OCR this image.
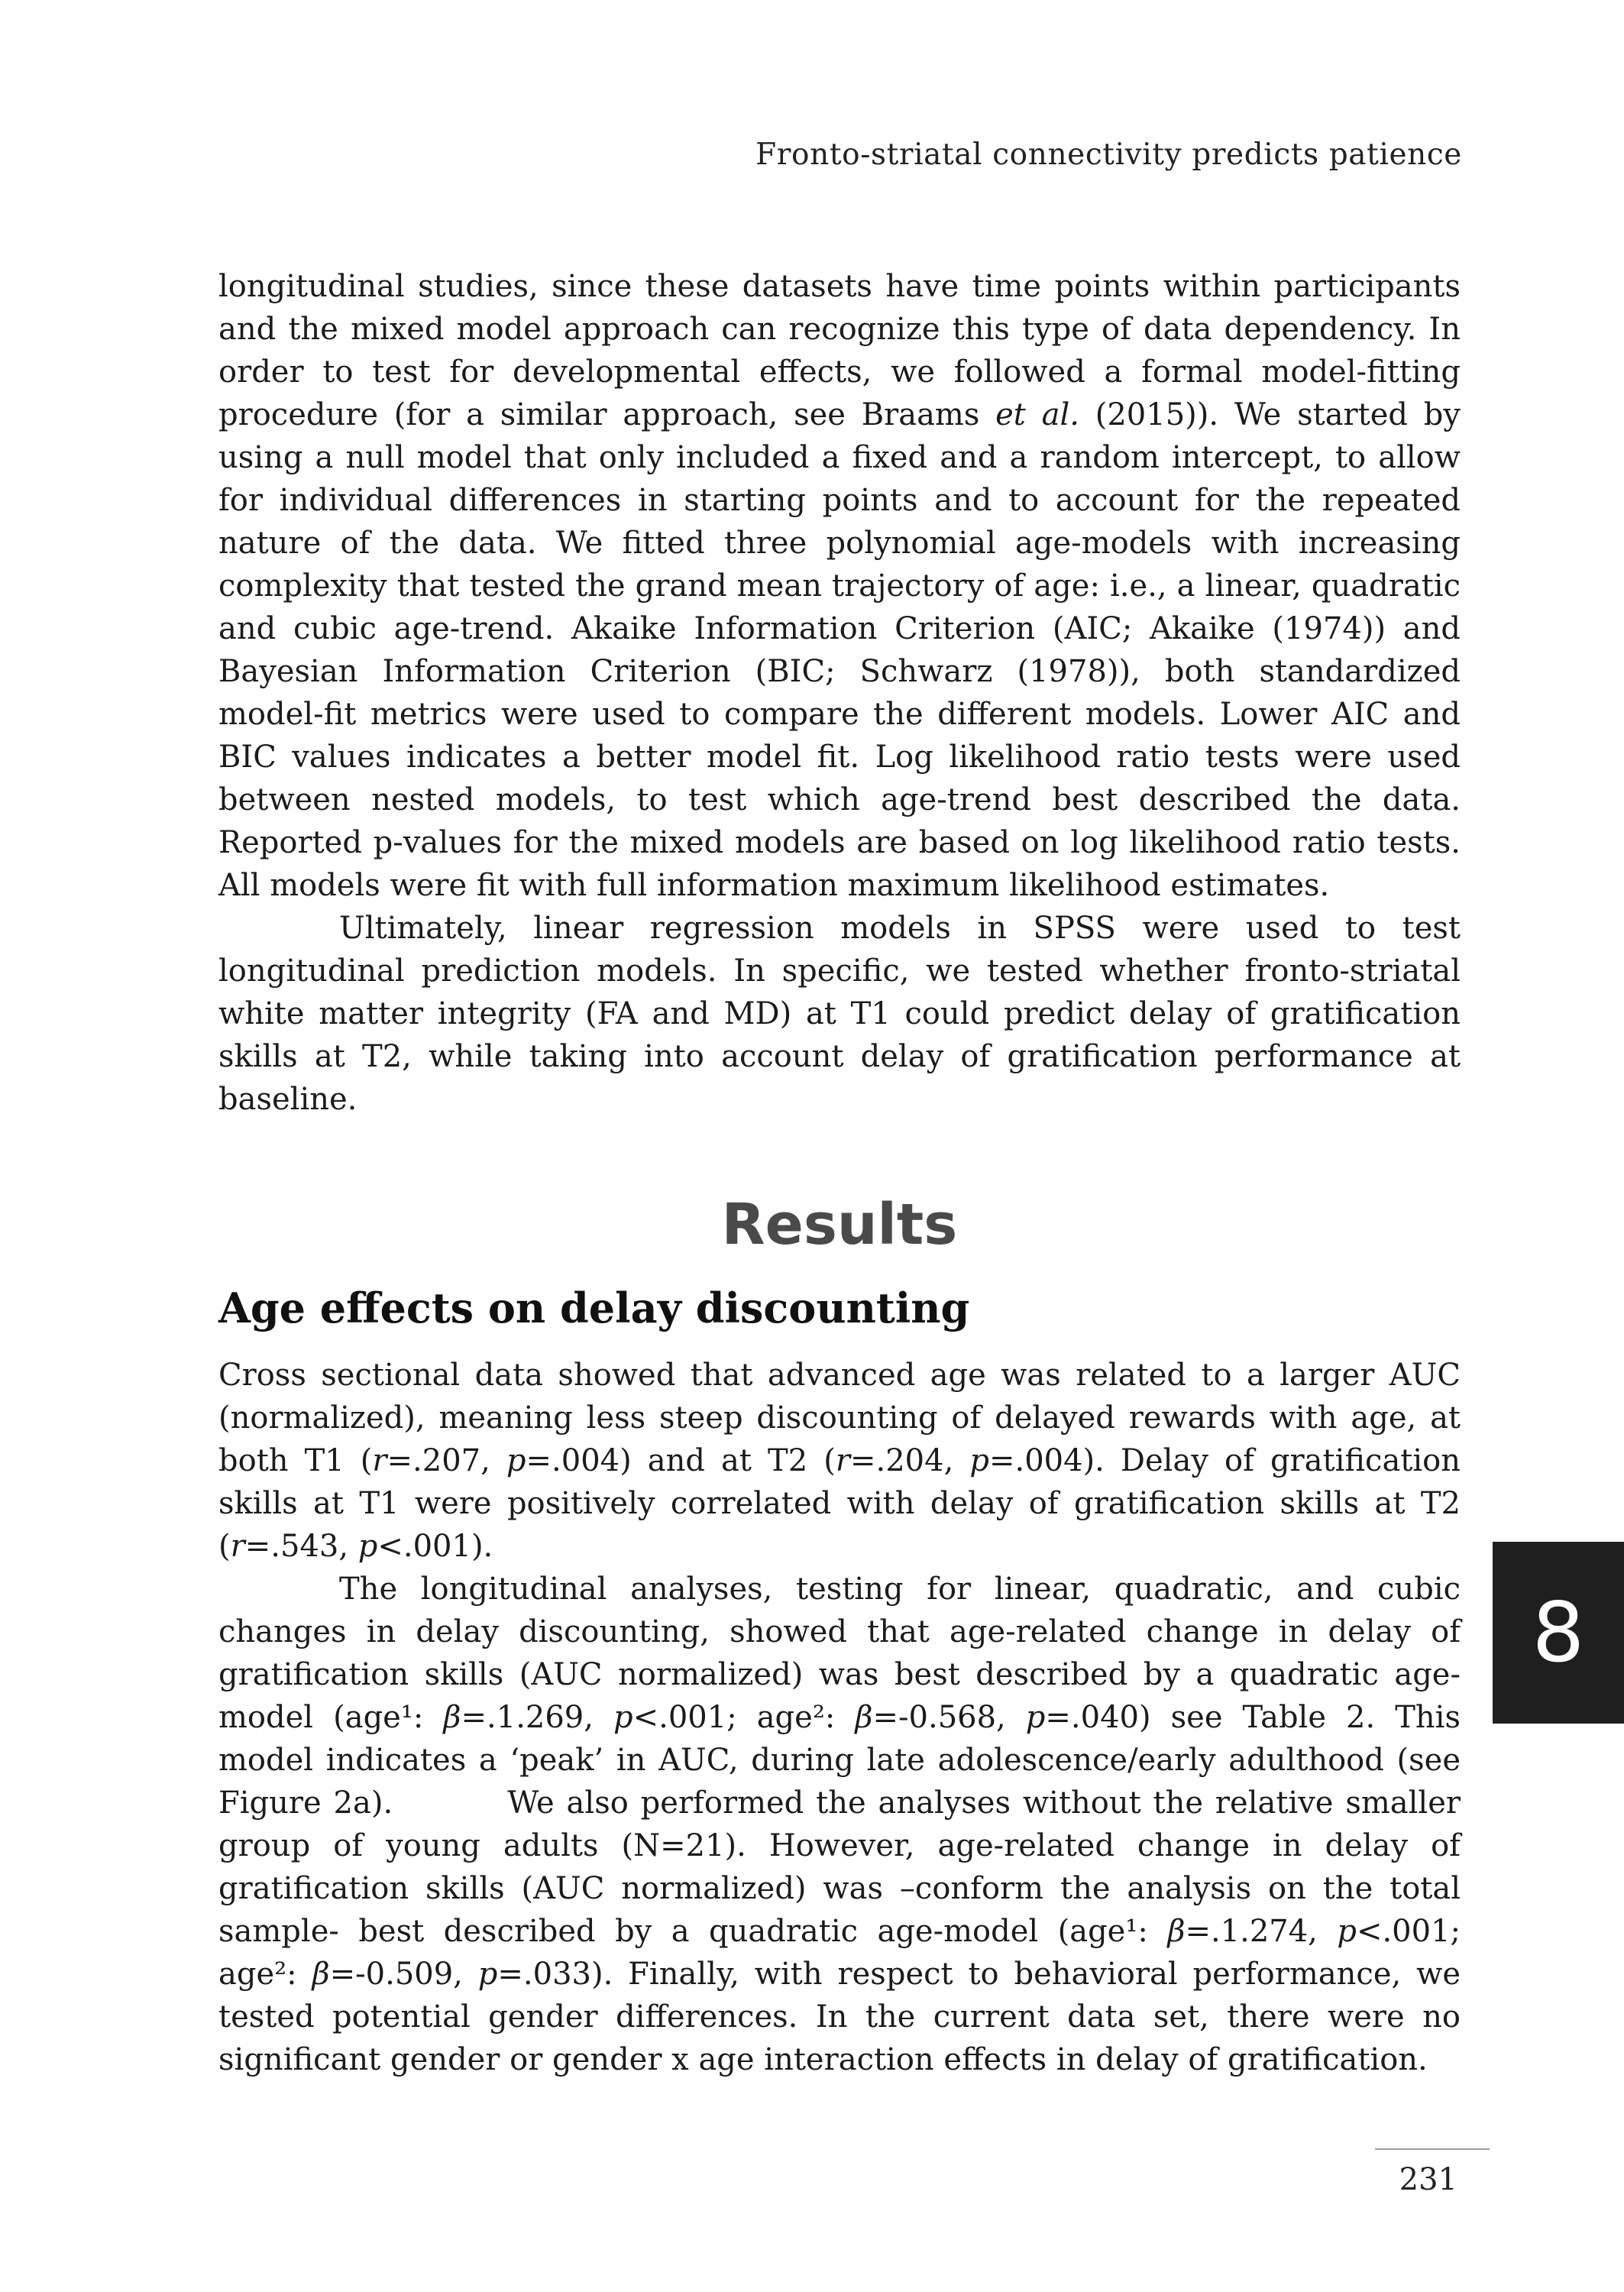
Fronto-striatal connectivity predicts patience

longitudinal studies, since these datasets have time points within participants and the mixed model approach can recognize this type of data dependency. In order to test for developmental effects, we followed a formal model-fitting procedure (for a similar approach, see Braams et al. (2015)). We started by using a null model that only included a fixed and a random intercept, to allow for individual differences in starting points and to account for the repeated nature of the data. We fitted three polynomial age-models with increasing complexity that tested the grand mean trajectory of age: i.e., a linear, quadratic and cubic age-trend. Akaike Information Criterion (AIC; Akaike (1974)) and Bayesian Information Criterion (BIC; Schwarz (1978)), both standardized model-fit metrics were used to compare the different models. Lower AIC and BIC values indicates a better model fit. Log likelihood ratio tests were used between nested models, to test which age-trend best described the data. Reported p-values for the mixed models are based on log likelihood ratio tests. All models were fit with full information maximum likelihood estimates.

Ultimately, linear regression models in SPSS were used to test longitudinal prediction models. In specific, we tested whether fronto-striatal white matter integrity (FA and MD) at T1 could predict delay of gratification skills at T2, while taking into account delay of gratification performance at baseline.

Results
Age effects on delay discounting

Cross sectional data showed that advanced age was related to a larger AUC (normalized), meaning less steep discounting of delayed rewards with age, at both T1 (r=.207, p=.004) and at T2 (r=.204, p=.004). Delay of gratification skills at T1 were positively correlated with delay of gratification skills at T2 (r=.543, p<.001).

The longitudinal analyses, testing for linear, quadratic, and cubic changes in delay discounting, showed that age-related change in delay of gratification skills (AUC normalized) was best described by a quadratic age-model (age¹: β=.1.269, p<.001; age²: β=-0.568, p=.040) see Table 2. This model indicates a ‘peak’ in AUC, during late adolescence/early adulthood (see Figure 2a).	We also performed the analyses without the relative smaller group of young adults (N=21). However, age-related change in delay of gratification skills (AUC normalized) was –conform the analysis on the total sample- best described by a quadratic age-model (age¹: β=.1.274, p<.001; age²: β=-0.509, p=.033). Finally, with respect to behavioral performance, we tested potential gender differences. In the current data set, there were no significant gender or gender x age interaction effects in delay of gratification.

8
231
